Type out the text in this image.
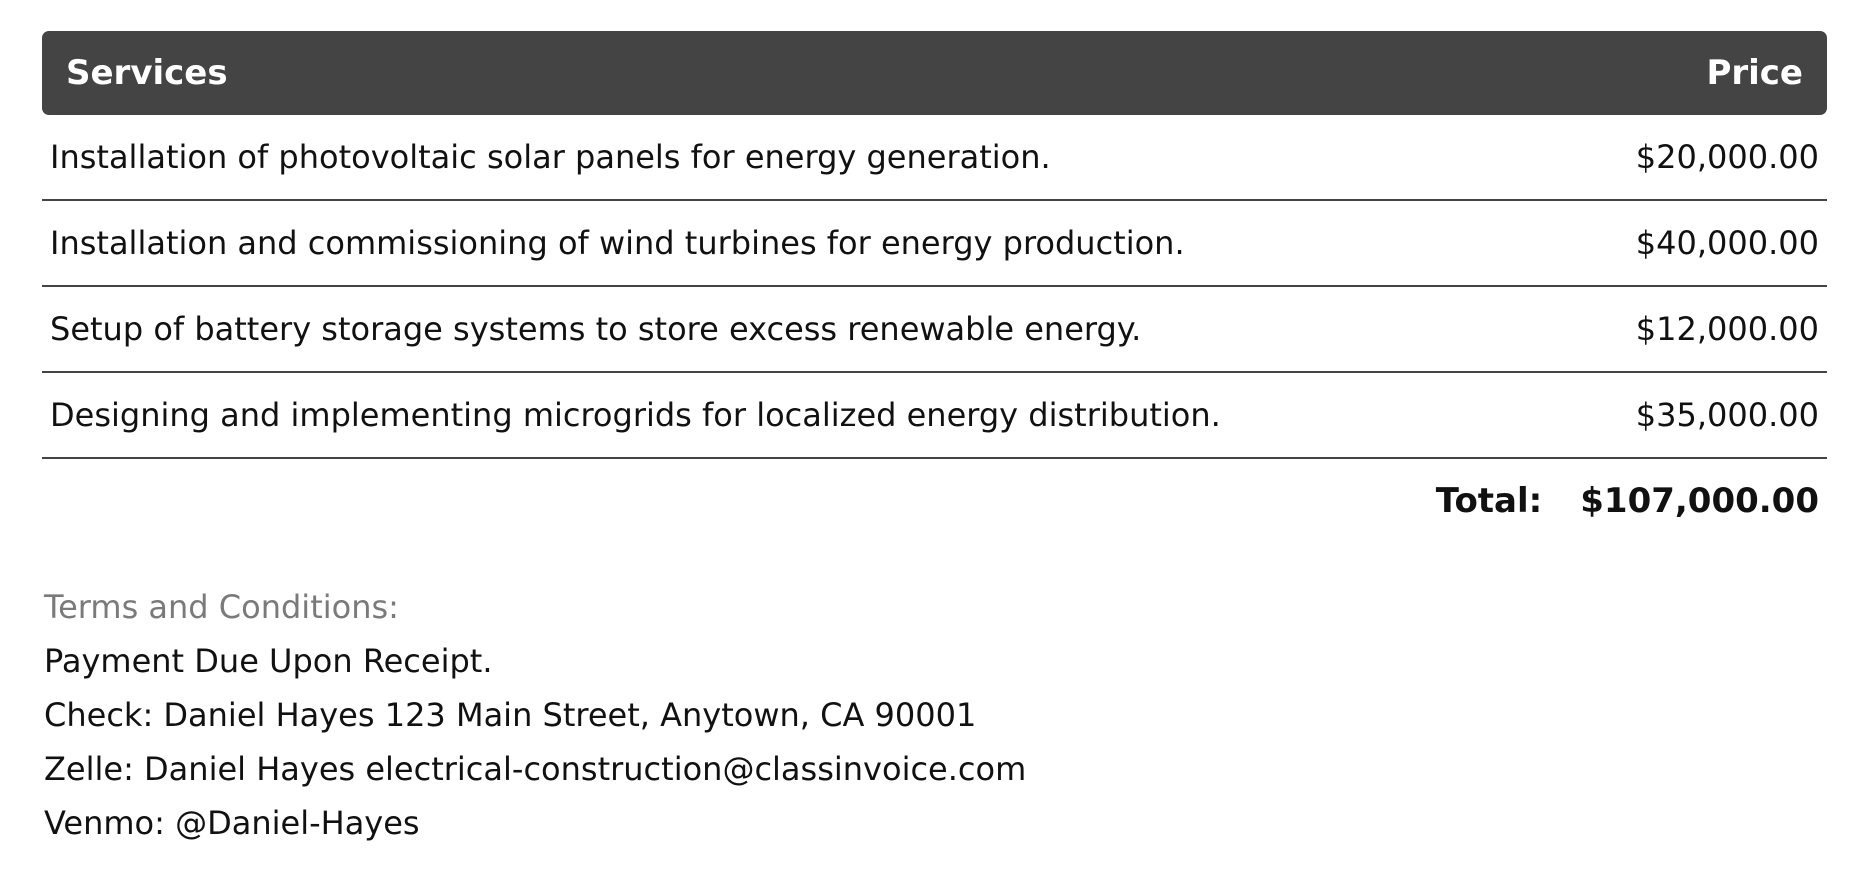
Services	Price
Installation of photovoltaic solar panels for energy generation.	$20,000.00
Installation and commissioning of wind turbines for energy production.	$40,000.00
Setup of battery storage systems to store excess renewable energy.	$12,000.00
Designing and implementing microgrids for localized energy distribution.	$35,000.00
Total: $107,000.00
Terms and Conditions:
Payment Due Upon Receipt.
Check: Daniel Hayes 123 Main Street, Anytown, CA 90001
Zelle: Daniel Hayes electrical-construction@classinvoice.com
Venmo: @Daniel-Hayes
